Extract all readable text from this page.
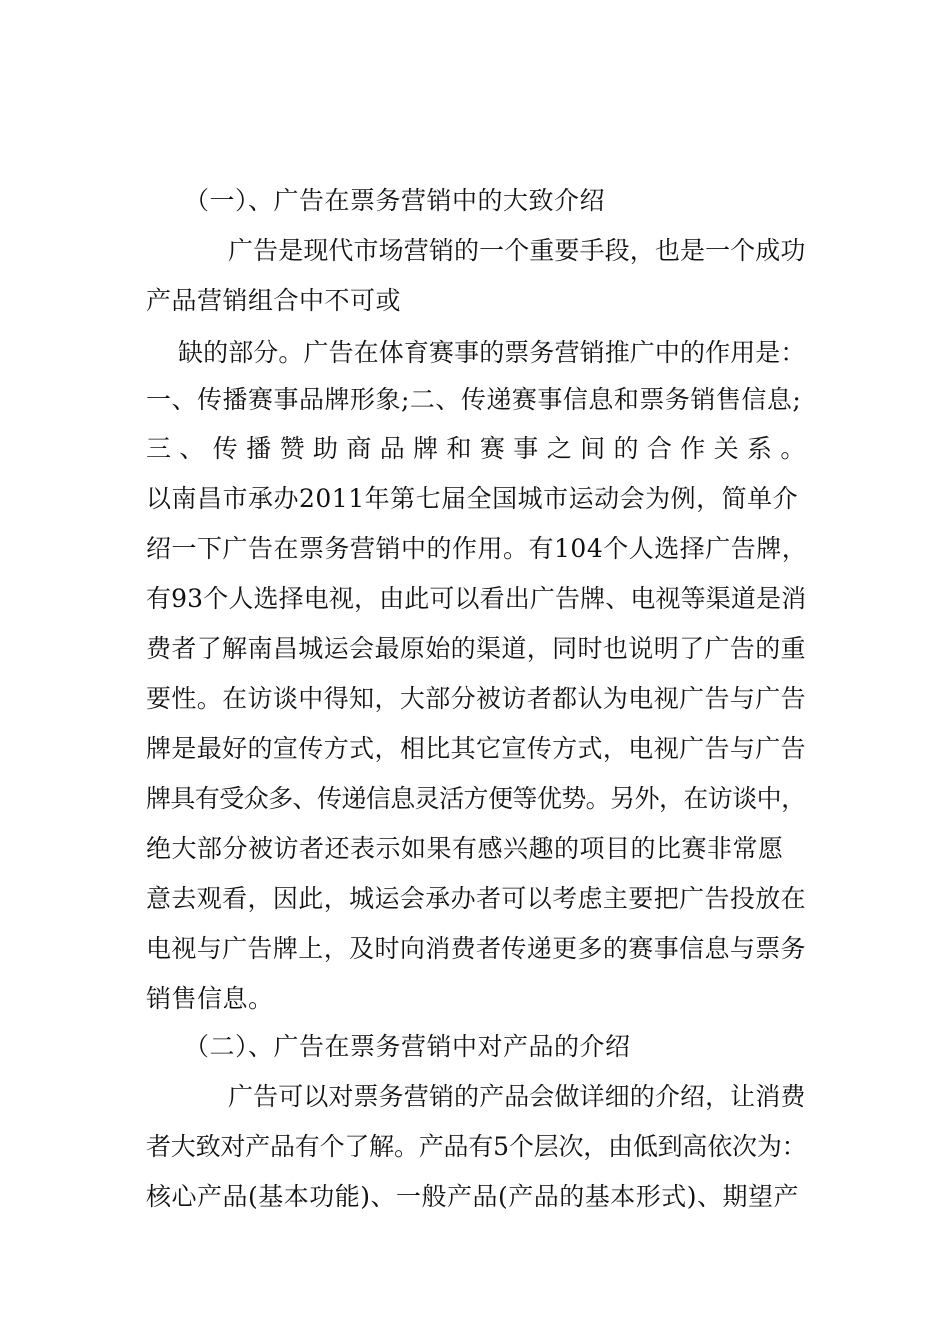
（一）、广告在票务营销中的大致介绍
广告是现代市场营销的一个重要手段，也是一个成功
产品营销组合中不可或
缺的部分。广告在体育赛事的票务营销推广中的作用是：
一、传播赛事品牌形象;二、传递赛事信息和票务销售信息;
三 、 传 播 赞 助 商 品 牌 和 赛 事 之 间 的 合 作 关 系 。
以南昌市承办2011年第七届全国城市运动会为例，简单介
绍一下广告在票务营销中的作用。有104个人选择广告牌，
有93个人选择电视，由此可以看出广告牌、电视等渠道是消
费者了解南昌城运会最原始的渠道，同时也说明了广告的重
要性。在访谈中得知，大部分被访者都认为电视广告与广告
牌是最好的宣传方式，相比其它宣传方式，电视广告与广告
牌具有受众多、传递信息灵活方便等优势。另外，在访谈中，
绝大部分被访者还表示如果有感兴趣的项目的比赛非常愿
意去观看，因此，城运会承办者可以考虑主要把广告投放在
电视与广告牌上，及时向消费者传递更多的赛事信息与票务
销售信息。
（二）、广告在票务营销中对产品的介绍
广告可以对票务营销的产品会做详细的介绍，让消费
者大致对产品有个了解。产品有5个层次，由低到高依次为：
核心产品(基本功能)、一般产品(产品的基本形式)、期望产
